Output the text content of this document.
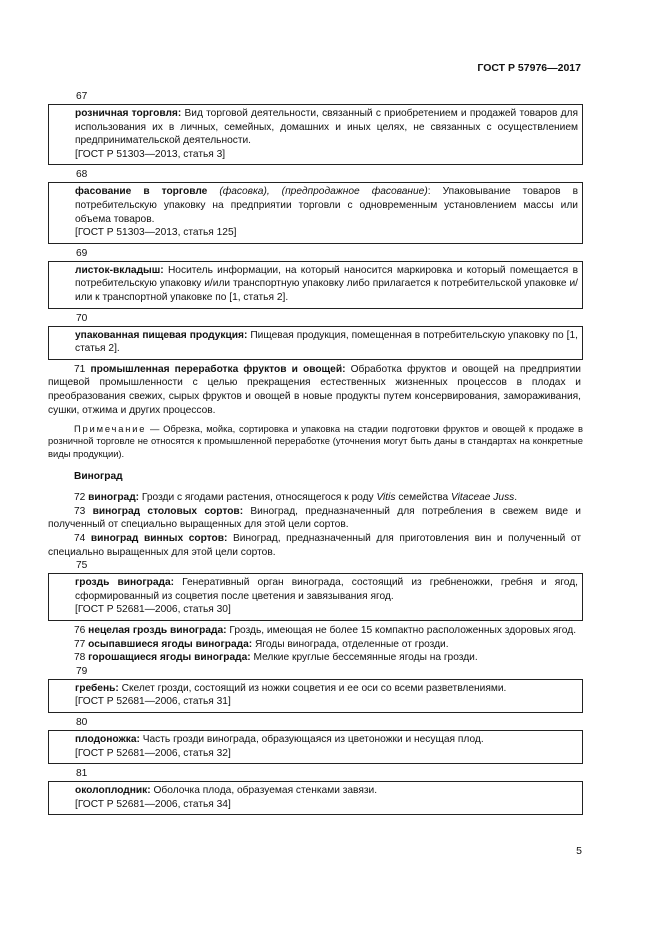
ГОСТ Р 57976—2017
67

розничная торговля: Вид торговой деятельности, связанный с приобретением и продажей товаров для использования их в личных, семейных, домашних и иных целях, не связанных с осуществлением предпринимательской деятельности.

[ГОСТ Р 51303—2013, статья 3]

68

фасование в торговле (фасовка), (предпродажное фасование): Упаковывание товаров в потребительскую упаковку на предприятии торговли с одновременным установлением массы или объема товаров.

[ГОСТ Р 51303—2013, статья 125]

69

листок-вкладыш: Носитель информации, на который наносится маркировка и который помещается в потребительскую упаковку и/или транспортную упаковку либо прилагается к потребительской упаковке и/или к транспортной упаковке по [1, статья 2].

70

упакованная пищевая продукция: Пищевая продукция, помещенная в потребительскую упаковку по [1, статья 2].

71 промышленная переработка фруктов и овощей: Обработка фруктов и овощей на предприятии пищевой промышленности с целью прекращения естественных жизненных процессов в плодах и преобразования свежих, сырых фруктов и овощей в новые продукты путем консервирования, замораживания, сушки, отжима и других процессов.

Примечание — Обрезка, мойка, сортировка и упаковка на стадии подготовки фруктов и овощей к продаже в розничной торговле не относятся к промышленной переработке (уточнения могут быть даны в стандартах на конкретные виды продукции).

Виноград

72 виноград: Грозди с ягодами растения, относящегося к роду Vitis семейства Vitaceae Juss.

73 виноград столовых сортов: Виноград, предназначенный для потребления в свежем виде и полученный от специально выращенных для этой цели сортов.

74 виноград винных сортов: Виноград, предназначенный для приготовления вин и полученный от специально выращенных для этой цели сортов.

75

гроздь винограда: Генеративный орган винограда, состоящий из гребненожки, гребня и ягод, сформированный из соцветия после цветения и завязывания ягод.

[ГОСТ Р 52681—2006, статья 30]

76 нецелая гроздь винограда: Гроздь, имеющая не более 15 компактно расположенных здоровых ягод.

77 осыпавшиеся ягоды винограда: Ягоды винограда, отделенные от грозди.

78 горошащиеся ягоды винограда: Мелкие круглые бессемянные ягоды на грозди.

79

гребень: Скелет грозди, состоящий из ножки соцветия и ее оси со всеми разветвлениями.

[ГОСТ Р 52681—2006, статья 31]

80

плодоножка: Часть грозди винограда, образующаяся из цветоножки и несущая плод.

[ГОСТ Р 52681—2006, статья 32]

81

околоплодник: Оболочка плода, образуемая стенками завязи.

[ГОСТ Р 52681—2006, статья 34]

5
